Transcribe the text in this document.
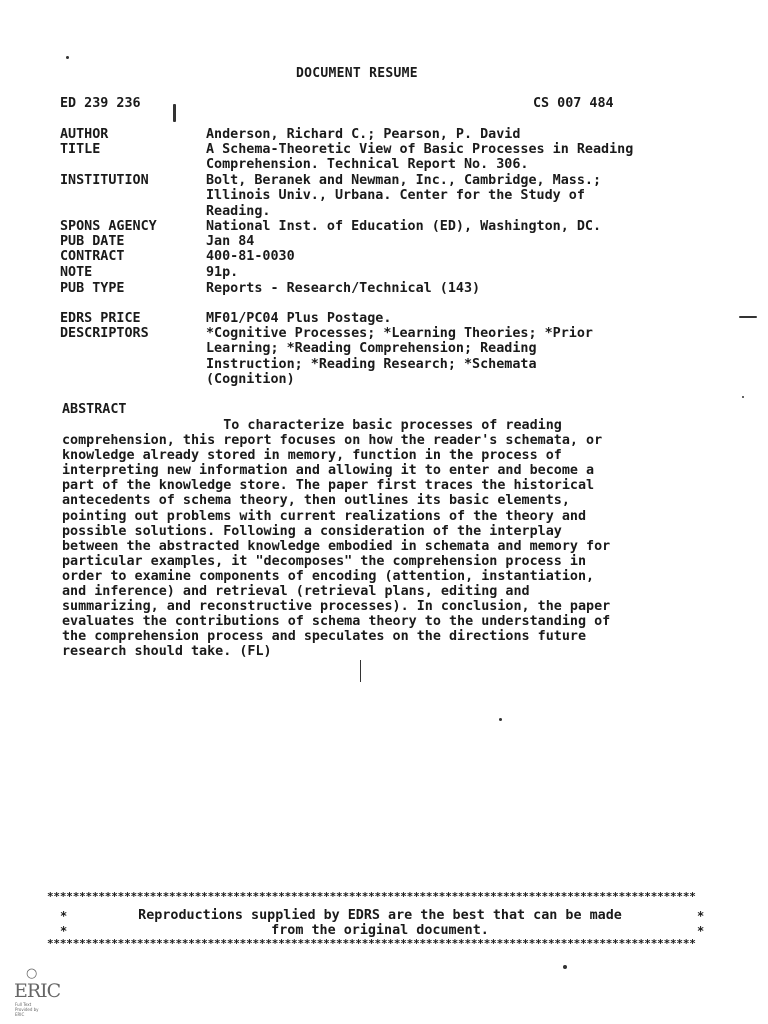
DOCUMENT RESUME
ED 239 236	CS 007 484
AUTHOR	Anderson, Richard C.; Pearson, P. David
TITLE	A Schema-Theoretic View of Basic Processes in Reading
Comprehension. Technical Report No. 306.
INSTITUTION	Bolt, Beranek and Newman, Inc., Cambridge, Mass.;
Illinois Univ., Urbana. Center for the Study of
Reading.
SPONS AGENCY	National Inst. of Education (ED), Washington, DC.
PUB DATE	Jan 84
CONTRACT	400-81-0030
NOTE	91p.
PUB TYPE	Reports - Research/Technical (143)
EDRS PRICE	MF01/PC04 Plus Postage.
DESCRIPTORS	*Cognitive Processes; *Learning Theories; *Prior
Learning; *Reading Comprehension; Reading
Instruction; *Reading Research; *Schemata
(Cognition)
ABSTRACT
To characterize basic processes of reading
comprehension, this report focuses on how the reader's schemata, or
knowledge already stored in memory, function in the process of
interpreting new information and allowing it to enter and become a
part of the knowledge store. The paper first traces the historical
antecedents of schema theory, then outlines its basic elements,
pointing out problems with current realizations of the theory and
possible solutions. Following a consideration of the interplay
between the abstracted knowledge embodied in schemata and memory for
particular examples, it "decomposes" the comprehension process in
order to examine components of encoding (attention, instantiation,
and inference) and retrieval (retrieval plans, editing and
summarizing, and reconstructive processes). In conclusion, the paper
evaluates the contributions of schema theory to the understanding of
the comprehension process and speculates on the directions future
research should take. (FL)
*****************************************************************************************************
*	*
*	*
Reproductions supplied by EDRS are the best that can be made
from the original document.
*****************************************************************************************************
○
ERIC
Full Text Provided by ERIC
